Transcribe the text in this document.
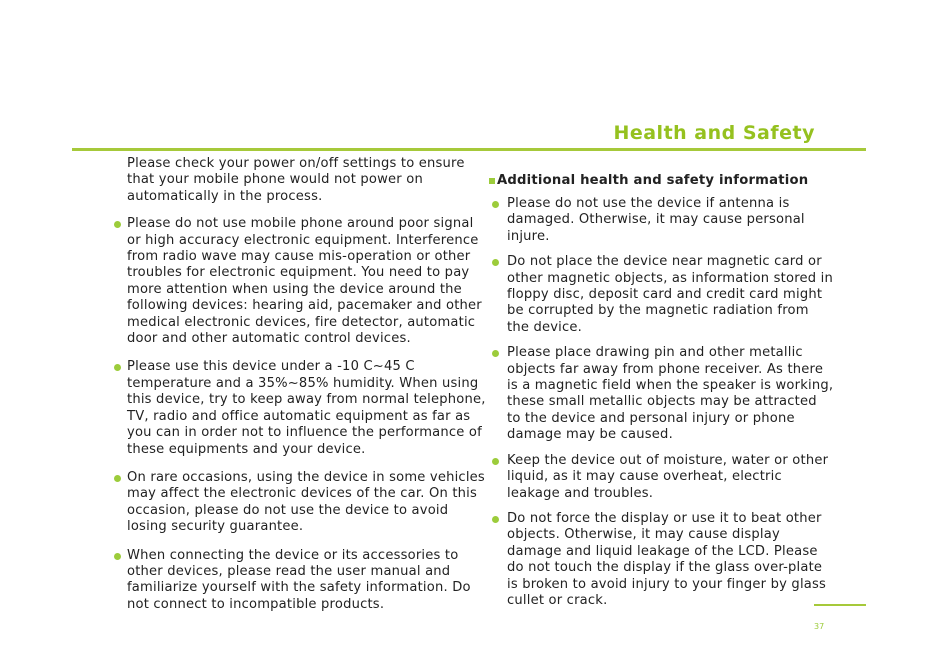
Health and Safety
Please check your power on/off settings to ensure that your mobile phone would not power on automatically in the process.
Please do not use mobile phone around poor signal or high accuracy electronic equipment. Interference from radio wave may cause mis-operation or other troubles for electronic equipment. You need to pay more attention when using the device around the following devices: hearing aid, pacemaker and other medical electronic devices, fire detector, automatic door and other automatic control devices.
Please use this device under a -10 C~45 C temperature and a 35%~85% humidity. When using this device, try to keep away from normal telephone, TV, radio and office automatic equipment as far as you can in order not to influence the performance of these equipments and your device.
On rare occasions, using the device in some vehicles may affect the electronic devices of the car. On this occasion, please do not use the device to avoid losing security guarantee.
When connecting the device or its accessories to other devices, please read the user manual and familiarize yourself with the safety information. Do not connect to incompatible products.
Additional health and safety information
Please do not use the device if antenna is damaged. Otherwise, it may cause personal injure.
Do not place the device near magnetic card or other magnetic objects, as information stored in floppy disc, deposit card and credit card might be corrupted by the magnetic radiation from the device.
Please place drawing pin and other metallic objects far away from phone receiver. As there is a magnetic field when the speaker is working, these small metallic objects may be attracted to the device and personal injury or phone damage may be caused.
Keep the device out of moisture, water or other liquid, as it may cause overheat, electric leakage and troubles.
Do not force the display or use it to beat other objects. Otherwise, it may cause display damage and liquid leakage of the LCD. Please do not touch the display if the glass over-plate is broken to avoid injury to your finger by glass cullet or crack.
37
